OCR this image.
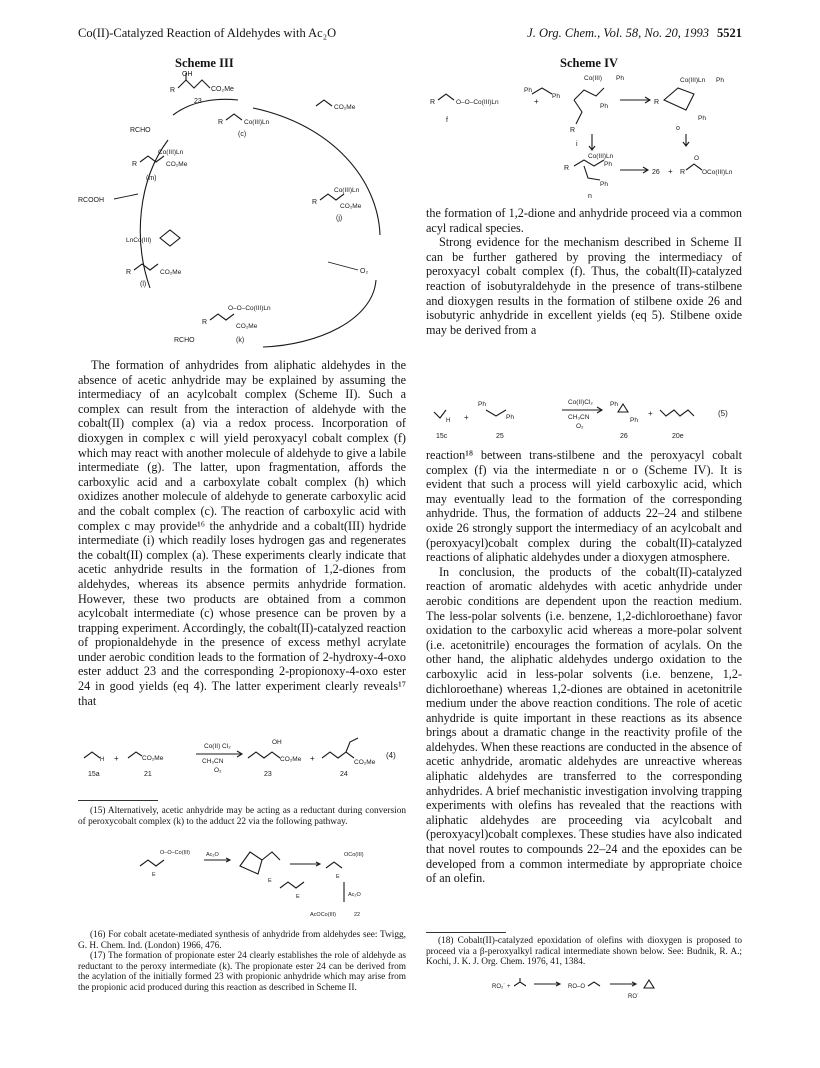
Co(II)-Catalyzed Reaction of Aldehydes with Ac₂O	J. Org. Chem., Vol. 58, No. 20, 1993 5521
Scheme III
OH
R	CO₂Me
23
R	Co(III)Ln
(c)
RCHO
CO₂Me
Co(III)Ln
R	CO₂Me
(m)
RCOOH
Co(III)Ln
R
CO₂Me
(j)
LnCo(III)
R	CO₂Me
(l)
O₂
O–O–Co(III)Ln
R
CO₂Me
RCHO	(k)
Scheme IV
R	O–O–Co(III)Ln
f
Ph
Ph
+
Co(III) Ph
Ph
R
i
Co(III)Ln Ph
R
Ph
o
Co(III)Ln
Ph
R
Ph
n
26 + R
O
OCo(III)Ln

The formation of anhydrides from aliphatic aldehydes in the absence of acetic anhydride may be explained by assuming the intermediacy of an acylcobalt complex (Scheme II). Such a complex can result from the interaction of aldehyde with the cobalt(II) complex (a) via a redox process. Incorporation of dioxygen in complex c will yield peroxyacyl cobalt complex (f) which may react with another molecule of aldehyde to give a labile intermediate (g). The latter, upon fragmentation, affords the carboxylic acid and a carboxylate cobalt complex (h) which oxidizes another molecule of aldehyde to generate carboxylic acid and the cobalt complex (c). The reaction of carboxylic acid with complex c may provide¹⁶ the anhydride and a cobalt(III) hydride intermediate (i) which readily loses hydrogen gas and regenerates the cobalt(II) complex (a). These experiments clearly indicate that acetic anhydride results in the formation of 1,2-diones from aldehydes, whereas its absence permits anhydride formation. However, these two products are obtained from a common acylcobalt intermediate (c) whose presence can be proven by a trapping experiment. Accordingly, the cobalt(II)-catalyzed reaction of propionaldehyde in the presence of excess methyl acrylate under aerobic condition leads to the formation of 2-hydroxy-4-oxo ester adduct 23 and the corresponding 2-propionoxy-4-oxo ester 24 in good yields (eq 4). The latter experiment clearly reveals¹⁷ that

H
15a
+	CO₂Me
21
Co(II) Cl₂
CH₃CN
O₂
OH
CO₂Me
23
+	CO₂Me
24
(4)

(15) Alternatively, acetic anhydride may be acting as a reductant during conversion of peroxycobalt complex (k) to the adduct 22 via the following pathway.

O–O–Co(III)
E
Ac₂O
E
OCo(III)
E
E	Ac₂O
AcOCo(III)	22

(16) For cobalt acetate-mediated synthesis of anhydride from aldehydes see: Twigg, G. H. Chem. Ind. (London) 1966, 476.

(17) The formation of propionate ester 24 clearly establishes the role of aldehyde as reductant to the peroxy intermediate (k). The propionate ester 24 can be derived from the acylation of the initially formed 23 with propionic anhydride which may arise from the propionic acid produced during this reaction as described in Scheme II.

the formation of 1,2-dione and anhydride proceed via a common acyl radical species.

Strong evidence for the mechanism described in Scheme II can be further gathered by proving the intermediacy of peroxyacyl cobalt complex (f). Thus, the cobalt(II)-catalyzed reaction of isobutyraldehyde in the presence of trans-stilbene and dioxygen results in the formation of stilbene oxide 26 and isobutyric anhydride in excellent yields (eq 5). Stilbene oxide may be derived from a

H
15c
+
Ph
Ph
25
Co(II)Cl₂
CH₃CN
O₂
Ph
Ph
26
+
20e
(5)

reaction¹⁸ between trans-stilbene and the peroxyacyl cobalt complex (f) via the intermediate n or o (Scheme IV). It is evident that such a process will yield carboxylic acid, which may eventually lead to the formation of the corresponding anhydride. Thus, the formation of adducts 22–24 and stilbene oxide 26 strongly support the intermediacy of an acylcobalt and (peroxyacyl)cobalt complex during the cobalt(II)-catalyzed reactions of aliphatic aldehydes under a dioxygen atmosphere.

In conclusion, the products of the cobalt(II)-catalyzed reaction of aromatic aldehydes with acetic anhydride under aerobic conditions are dependent upon the reaction medium. The less-polar solvents (i.e. benzene, 1,2-dichloroethane) favor oxidation to the carboxylic acid whereas a more-polar solvent (i.e. acetonitrile) encourages the formation of acylals. On the other hand, the aliphatic aldehydes undergo oxidation to the carboxylic acid in less-polar solvents (i.e. benzene, 1,2-dichloroethane) whereas 1,2-diones are obtained in acetonitrile medium under the above reaction conditions. The role of acetic anhydride is quite important in these reactions as its absence brings about a dramatic change in the reactivity profile of the aldehydes. When these reactions are conducted in the absence of acetic anhydride, aromatic aldehydes are unreactive whereas aliphatic aldehydes are transferred to the corresponding anhydrides. A brief mechanistic investigation involving trapping experiments with olefins has revealed that the reactions with aliphatic aldehydes are proceeding via acylcobalt and (peroxyacyl)cobalt complexes. These studies have also indicated that novel routes to compounds 22–24 and the epoxides can be developed from a common intermediate by appropriate choice of an olefin.

(18) Cobalt(II)-catalyzed epoxidation of olefins with dioxygen is proposed to proceed via a β-peroxyalkyl radical intermediate shown below. See: Budnik, R. A.; Kochi, J. K. J. Org. Chem. 1976, 41, 1384.

RO₂˙ +	RO–O
RO˙
